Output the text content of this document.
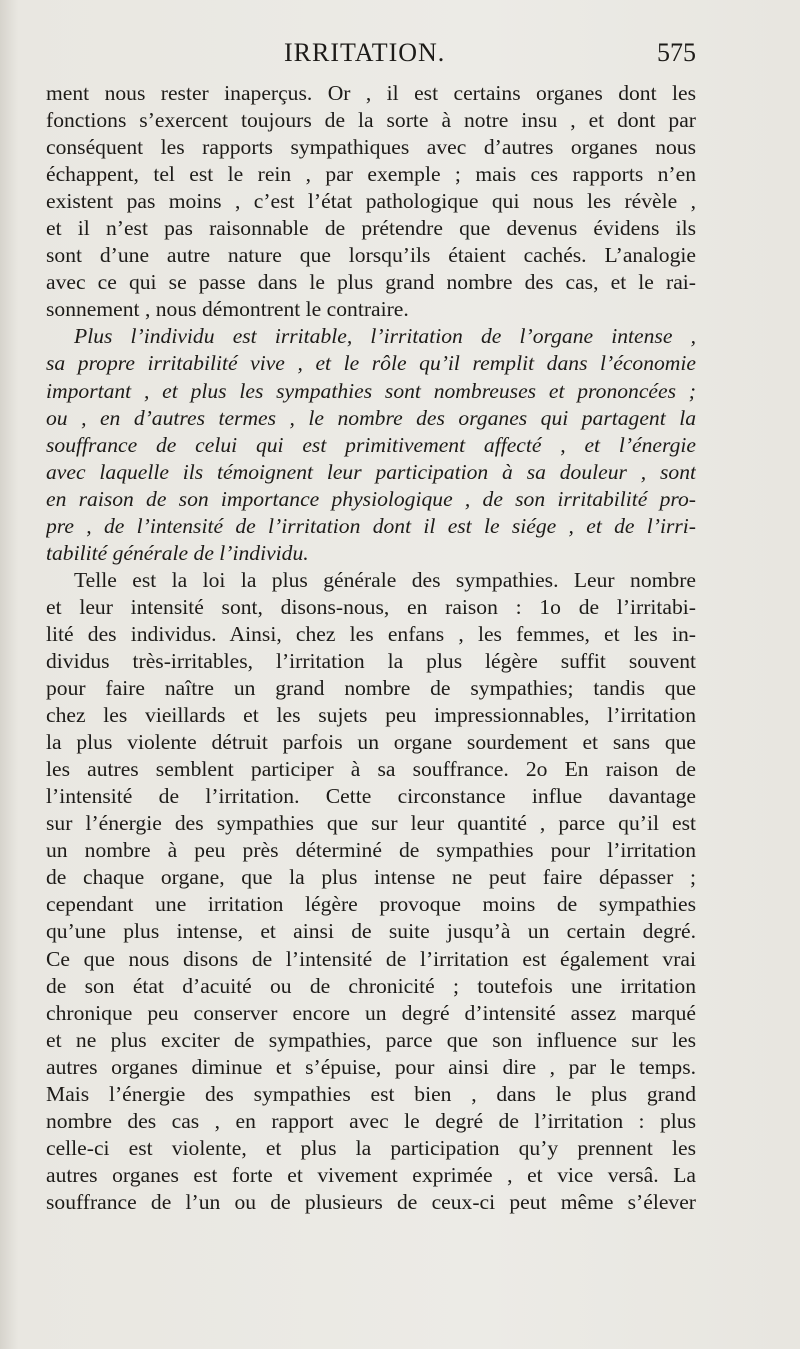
IRRITATION.	575
ment nous rester inaperçus. Or , il est certains organes dont les
fonctions s’exercent toujours de la sorte à notre insu , et dont par
conséquent les rapports sympathiques avec d’autres organes nous
échappent, tel est le rein , par exemple ; mais ces rapports n’en
existent pas moins , c’est l’état pathologique qui nous les révèle ,
et il n’est pas raisonnable de prétendre que devenus évidens ils
sont d’une autre nature que lorsqu’ils étaient cachés. L’analogie
avec ce qui se passe dans le plus grand nombre des cas, et le rai-
sonnement , nous démontrent le contraire.
Plus l’individu est irritable, l’irritation de l’organe intense ,
sa propre irritabilité vive , et le rôle qu’il remplit dans l’économie
important , et plus les sympathies sont nombreuses et prononcées ;
ou , en d’autres termes , le nombre des organes qui partagent la
souffrance de celui qui est primitivement affecté , et l’énergie
avec laquelle ils témoignent leur participation à sa douleur , sont
en raison de son importance physiologique , de son irritabilité pro-
pre , de l’intensité de l’irritation dont il est le siége , et de l’irri-
tabilité générale de l’individu.
Telle est la loi la plus générale des sympathies. Leur nombre
et leur intensité sont, disons-nous, en raison : 1o de l’irritabi-
lité des individus. Ainsi, chez les enfans , les femmes, et les in-
dividus très-irritables, l’irritation la plus légère suffit souvent
pour faire naître un grand nombre de sympathies; tandis que
chez les vieillards et les sujets peu impressionnables, l’irritation
la plus violente détruit parfois un organe sourdement et sans que
les autres semblent participer à sa souffrance. 2o En raison de
l’intensité de l’irritation. Cette circonstance influe davantage
sur l’énergie des sympathies que sur leur quantité , parce qu’il est
un nombre à peu près déterminé de sympathies pour l’irritation
de chaque organe, que la plus intense ne peut faire dépasser ;
cependant une irritation légère provoque moins de sympathies
qu’une plus intense, et ainsi de suite jusqu’à un certain degré.
Ce que nous disons de l’intensité de l’irritation est également vrai
de son état d’acuité ou de chronicité ; toutefois une irritation
chronique peu conserver encore un degré d’intensité assez marqué
et ne plus exciter de sympathies, parce que son influence sur les
autres organes diminue et s’épuise, pour ainsi dire , par le temps.
Mais l’énergie des sympathies est bien , dans le plus grand
nombre des cas , en rapport avec le degré de l’irritation : plus
celle-ci est violente, et plus la participation qu’y prennent les
autres organes est forte et vivement exprimée , et vice versâ. La
souffrance de l’un ou de plusieurs de ceux-ci peut même s’élever
